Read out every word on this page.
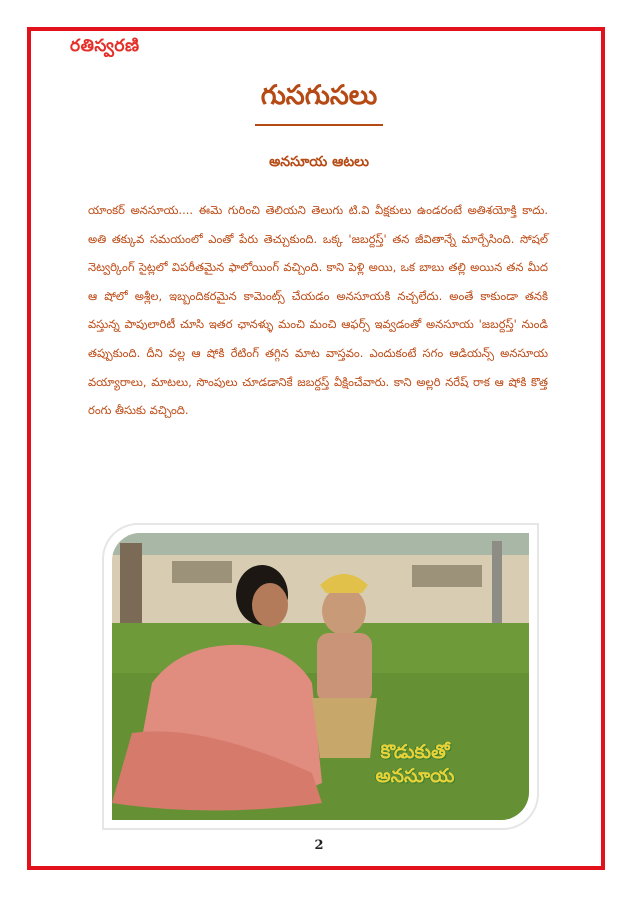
రతిస్వరణి
గుసగుసలు
అనసూయ ఆటలు

యాంకర్ అనసూయ.... ఈమె గురించి తెలియని తెలుగు టి.వి వీక్షకులు ఉండరంటే అతిశయోక్తి కాదు. అతి తక్కువ సమయంలో ఎంతో పేరు తెచ్చుకుంది. ఒక్క 'జబర్దస్త్' తన జీవితాన్నే మార్చేసింది. సోషల్ నెట్వర్కింగ్ సైట్లలో విపరీతమైన ఫాలోయింగ్ వచ్చింది. కాని పెళ్లి అయి, ఒక బాబు తల్లి అయిన తన మీద ఆ షోలో అశ్లీల, ఇబ్బందికరమైన కామెంట్స్ చేయడం అనసూయకి నచ్చలేదు. అంతే కాకుండా తనకి వస్తున్న పాపులారిటీ చూసి ఇతర ఛానళ్ళు మంచి మంచి ఆఫర్స్ ఇవ్వడంతో అనసూయ 'జబర్దస్త్' నుండి తప్పుకుంది. దీని వల్ల ఆ షోకి రేటింగ్ తగ్గిన మాట వాస్తవం. ఎందుకంటే సగం ఆడియన్స్ అనసూయ వయ్యారాలు, మాటలు, సొంపులు చూడడానికే జబర్దస్త్ వీక్షించేవారు. కాని అల్లరి నరేష్ రాక ఆ షోకి కొత్త రంగు తీసుకు వచ్చింది.

కొడుకుతో
అనసూయ
2
